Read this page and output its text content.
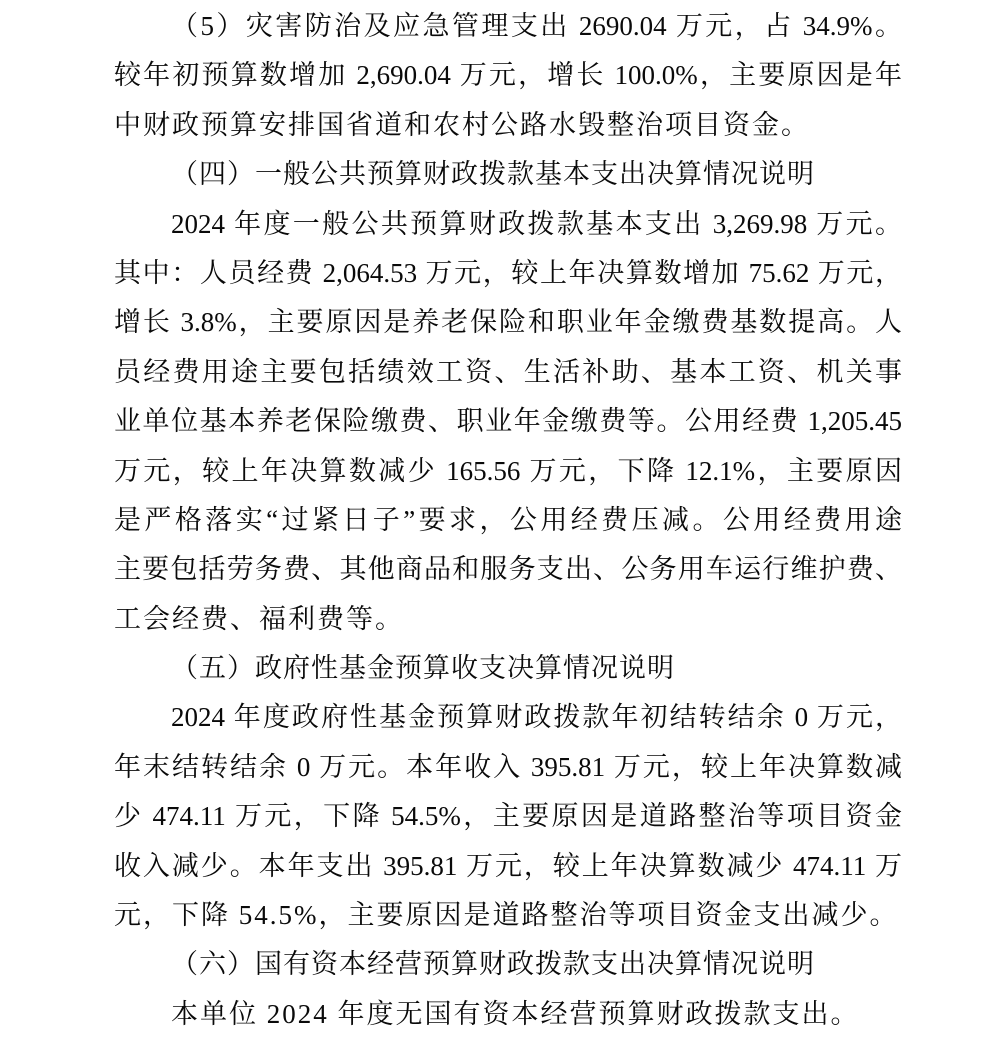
（5）灾害防治及应急管理支出 2690.04 万元，占 34.9%。
较年初预算数增加 2,690.04 万元，增长 100.0%，主要原因是年
中财政预算安排国省道和农村公路水毁整治项目资金。
（四）一般公共预算财政拨款基本支出决算情况说明
2024 年度一般公共预算财政拨款基本支出 3,269.98 万元。
其中：人员经费 2,064.53 万元，较上年决算数增加 75.62 万元，
增长 3.8%，主要原因是养老保险和职业年金缴费基数提高。人
员经费用途主要包括绩效工资、生活补助、基本工资、机关事
业单位基本养老保险缴费、职业年金缴费等。公用经费 1,205.45
万元，较上年决算数减少 165.56 万元，下降 12.1%，主要原因
是严格落实“过紧日子”要求，公用经费压减。公用经费用途
主要包括劳务费、其他商品和服务支出、公务用车运行维护费、
工会经费、福利费等。
（五）政府性基金预算收支决算情况说明
2024 年度政府性基金预算财政拨款年初结转结余 0 万元，
年末结转结余 0 万元。本年收入 395.81 万元，较上年决算数减
少 474.11 万元，下降 54.5%，主要原因是道路整治等项目资金
收入减少。本年支出 395.81 万元，较上年决算数减少 474.11 万
元，下降 54.5%，主要原因是道路整治等项目资金支出减少。
（六）国有资本经营预算财政拨款支出决算情况说明
本单位 2024 年度无国有资本经营预算财政拨款支出。
